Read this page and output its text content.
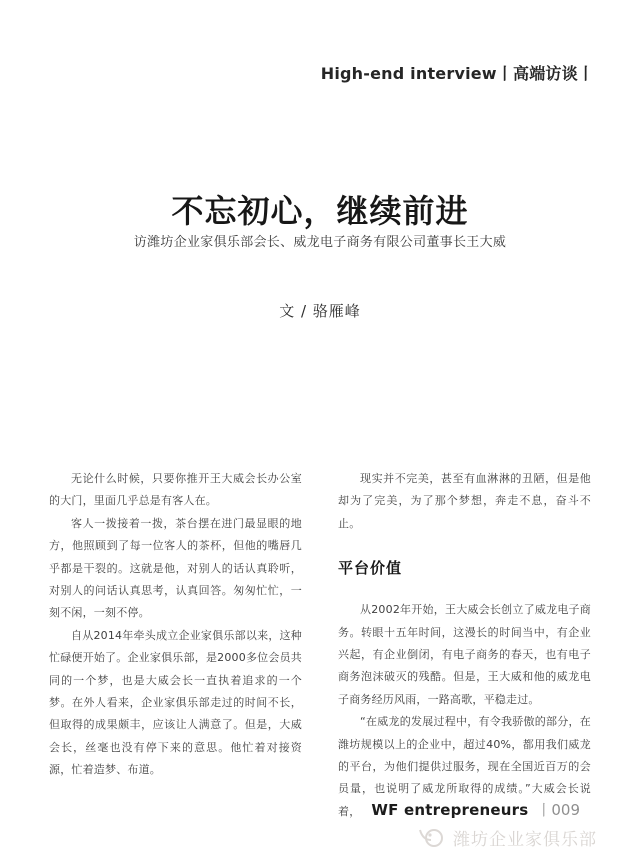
High-end interview丨高端访谈丨
不忘初心，继续前进
访潍坊企业家俱乐部会长、威龙电子商务有限公司董事长王大威
文 / 骆雁峰

无论什么时候，只要你推开王大威会长办公室的大门，里面几乎总是有客人在。

客人一拨接着一拨，茶台摆在进门最显眼的地方，他照顾到了每一位客人的茶杯，但他的嘴唇几乎都是干裂的。这就是他，对别人的话认真聆听，对别人的问话认真思考，认真回答。匆匆忙忙，一刻不闲，一刻不停。

自从2014年牵头成立企业家俱乐部以来，这种忙碌便开始了。企业家俱乐部，是2000多位会员共同的一个梦，也是大威会长一直执着追求的一个梦。在外人看来，企业家俱乐部走过的时间不长，但取得的成果颇丰，应该让人满意了。但是，大威会长，丝毫也没有停下来的意思。他忙着对接资源，忙着造梦、布道。

现实并不完美，甚至有血淋淋的丑陋，但是他却为了完美，为了那个梦想，奔走不息，奋斗不止。

平台价值

从2002年开始，王大威会长创立了威龙电子商务。转眼十五年时间，这漫长的时间当中，有企业兴起，有企业倒闭，有电子商务的春天，也有电子商务泡沫破灭的残酷。但是，王大威和他的威龙电子商务经历风雨，一路高歌，平稳走过。

“在威龙的发展过程中，有令我骄傲的部分，在潍坊规模以上的企业中，超过40%，都用我们威龙的平台，为他们提供过服务，现在全国近百万的会员量，也说明了威龙所取得的成绩。”大威会长说着， WF entrepreneurs 丨009
潍坊企业家俱乐部
